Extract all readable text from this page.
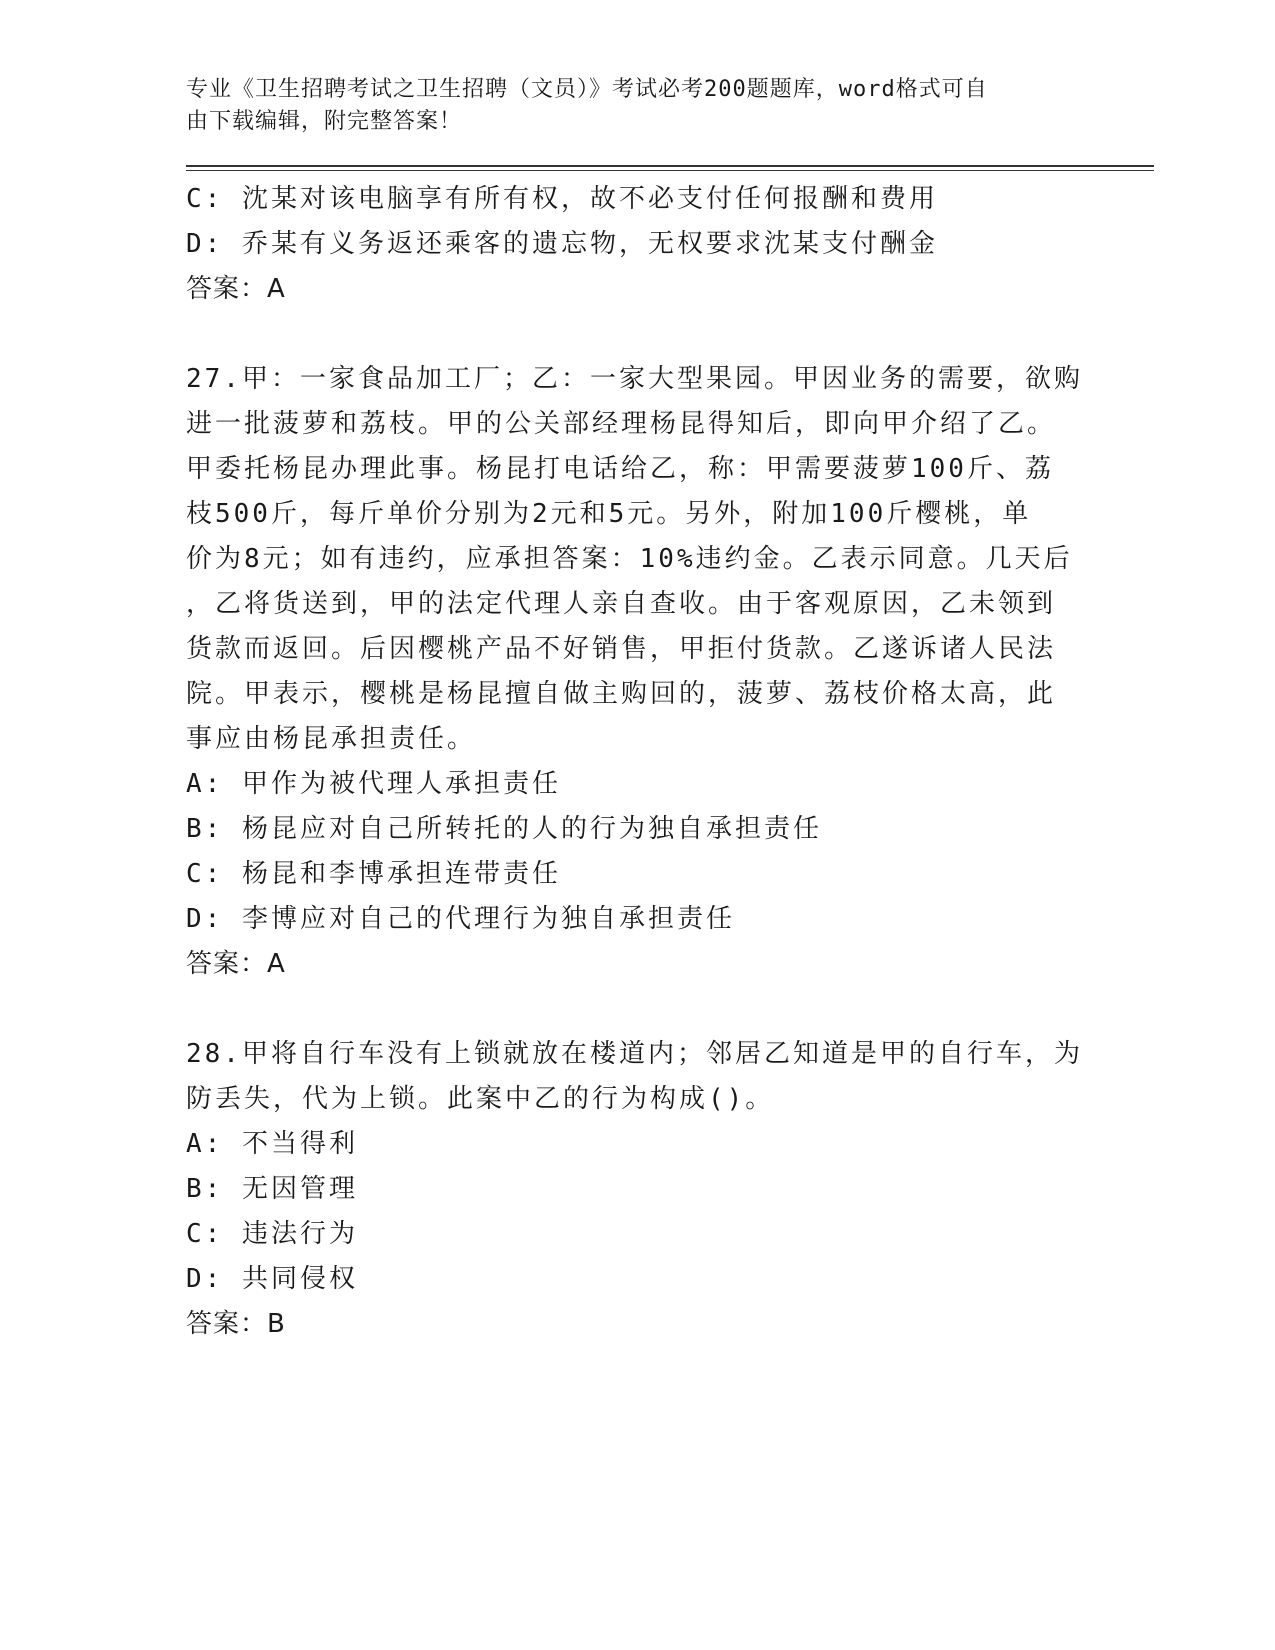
专业《卫生招聘考试之卫生招聘（文员）》考试必考200题题库，word格式可自
由下载编辑，附完整答案！
C: 沈某对该电脑享有所有权，故不必支付任何报酬和费用
D: 乔某有义务返还乘客的遗忘物，无权要求沈某支付酬金
答案：A
27.甲：一家食品加工厂；乙：一家大型果园。甲因业务的需要，欲购
进一批菠萝和荔枝。甲的公关部经理杨昆得知后，即向甲介绍了乙。
甲委托杨昆办理此事。杨昆打电话给乙，称：甲需要菠萝100斤、荔
枝500斤，每斤单价分别为2元和5元。另外，附加100斤樱桃，单
价为8元；如有违约，应承担答案：10%违约金。乙表示同意。几天后
，乙将货送到，甲的法定代理人亲自查收。由于客观原因，乙未领到
货款而返回。后因樱桃产品不好销售，甲拒付货款。乙遂诉诸人民法
院。甲表示，樱桃是杨昆擅自做主购回的，菠萝、荔枝价格太高，此
事应由杨昆承担责任。
A: 甲作为被代理人承担责任
B: 杨昆应对自己所转托的人的行为独自承担责任
C: 杨昆和李博承担连带责任
D: 李博应对自己的代理行为独自承担责任
答案：A
28.甲将自行车没有上锁就放在楼道内；邻居乙知道是甲的自行车，为
防丢失，代为上锁。此案中乙的行为构成()。
A: 不当得利
B: 无因管理
C: 违法行为
D: 共同侵权
答案：B
